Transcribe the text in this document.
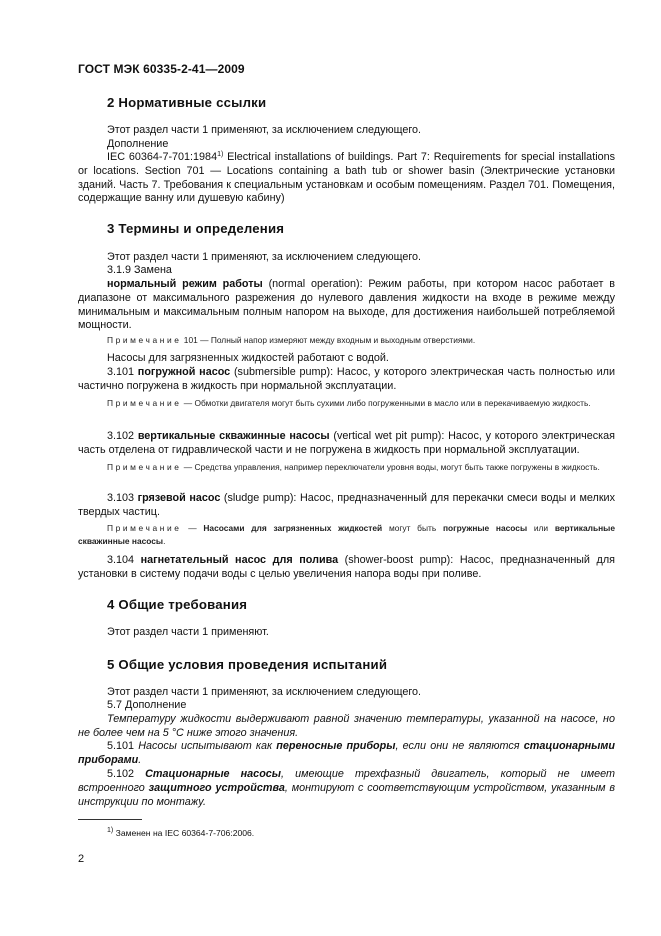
ГОСТ МЭК 60335-2-41—2009
2 Нормативные ссылки
Этот раздел части 1 применяют, за исключением следующего.
Дополнение
IEC 60364-7-701:1984$^{1)}$ Electrical installations of buildings. Part 7: Requirements for special installations or locations. Section 701 — Locations containing a bath tub or shower basin (Электрические установки зданий. Часть 7. Требования к специальным установкам и особым помещениям. Раздел 701. Помещения, содержащие ванну или душевую кабину)
3 Термины и определения
Этот раздел части 1 применяют, за исключением следующего.
3.1.9 Замена
нормальный режим работы (normal operation): Режим работы, при котором насос работает в диапазоне от максимального разрежения до нулевого давления жидкости на входе в режиме между минимальным и максимальным полным напором на выходе, для достижения наибольшей потребляемой мощности.
Примечание 101 — Полный напор измеряют между входным и выходным отверстиями.
Насосы для загрязненных жидкостей работают с водой.
3.101 погружной насос (submersible pump): Насос, у которого электрическая часть полностью или частично погружена в жидкость при нормальной эксплуатации.
Примечание — Обмотки двигателя могут быть сухими либо погруженными в масло или в перекачиваемую жидкость.
3.102 вертикальные скважинные насосы (vertical wet pit pump): Насос, у которого электрическая часть отделена от гидравлической части и не погружена в жидкость при нормальной эксплуатации.
Примечание — Средства управления, например переключатели уровня воды, могут быть также погружены в жидкость.
3.103 грязевой насос (sludge pump): Насос, предназначенный для перекачки смеси воды и мелких твердых частиц.
Примечание — Насосами для загрязненных жидкостей могут быть погружные насосы или вертикальные скважинные насосы.
3.104 нагнетательный насос для полива (shower-boost pump): Насос, предназначенный для установки в систему подачи воды с целью увеличения напора воды при поливе.
4 Общие требования
Этот раздел части 1 применяют.
5 Общие условия проведения испытаний
Этот раздел части 1 применяют, за исключением следующего.
5.7 Дополнение
Температуру жидкости выдерживают равной значению температуры, указанной на насосе, но не более чем на 5 °С ниже этого значения.
5.101 Насосы испытывают как переносные приборы, если они не являются стационарными приборами.
5.102 Стационарные насосы, имеющие трехфазный двигатель, который не имеет встроенного защитного устройства, монтируют с соответствующим устройством, указанным в инструкции по монтажу.
$^{1)}$ Заменен на IEC 60364-7-706:2006.
2
